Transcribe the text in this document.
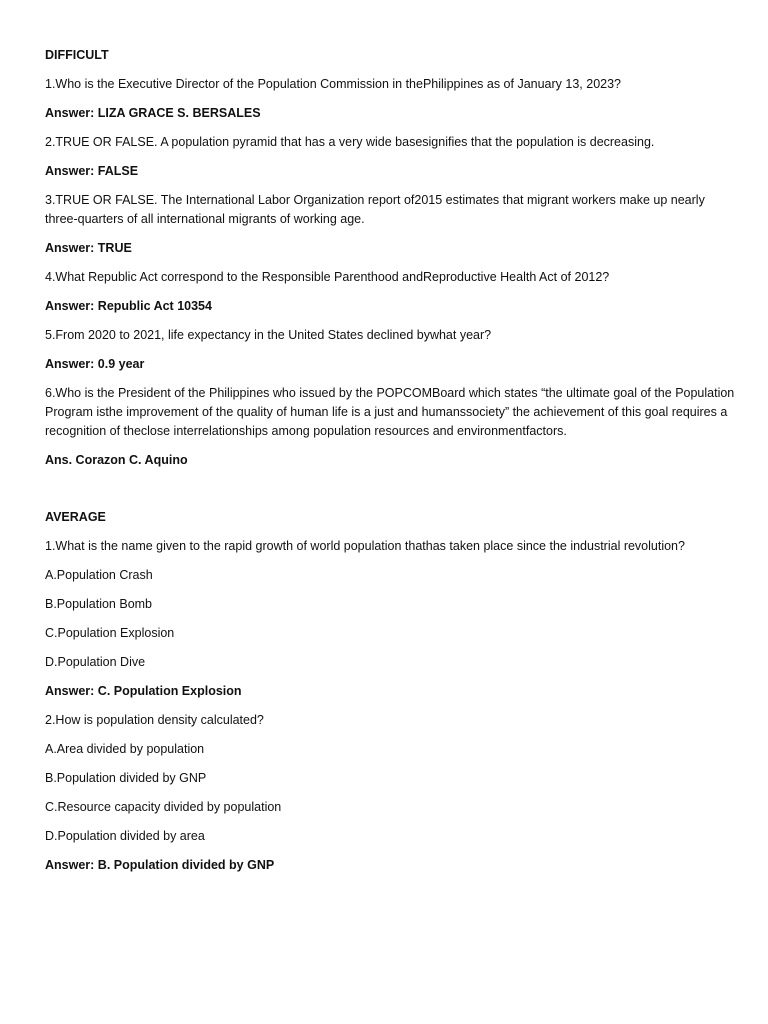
DIFFICULT
1.Who is the Executive Director of the Population Commission in thePhilippines as of January 13, 2023?
Answer: LIZA GRACE S. BERSALES
2.TRUE OR FALSE. A population pyramid that has a very wide basesignifies that the population is decreasing.
Answer: FALSE
3.TRUE OR FALSE. The International Labor Organization report of2015 estimates that migrant workers make up nearly three-quarters of all international migrants of working age.
Answer: TRUE
4.What Republic Act correspond to the Responsible Parenthood andReproductive Health Act of 2012?
Answer: Republic Act 10354
5.From 2020 to 2021, life expectancy in the United States declined bywhat year?
Answer: 0.9 year
6.Who is the President of the Philippines who issued by the POPCOMBoard which states “the ultimate goal of the Population Program isthe improvement of the quality of human life is a just and humanssociety” the achievement of this goal requires a recognition of theclose interrelationships among population resources and environmentfactors.
Ans. Corazon C. Aquino
AVERAGE
1.What is the name given to the rapid growth of world population thathas taken place since the industrial revolution?
A.Population Crash
B.Population Bomb
C.Population Explosion
D.Population Dive
Answer: C. Population Explosion
2.How is population density calculated?
A.Area divided by population
B.Population divided by GNP
C.Resource capacity divided by population
D.Population divided by area
Answer: B. Population divided by GNP
